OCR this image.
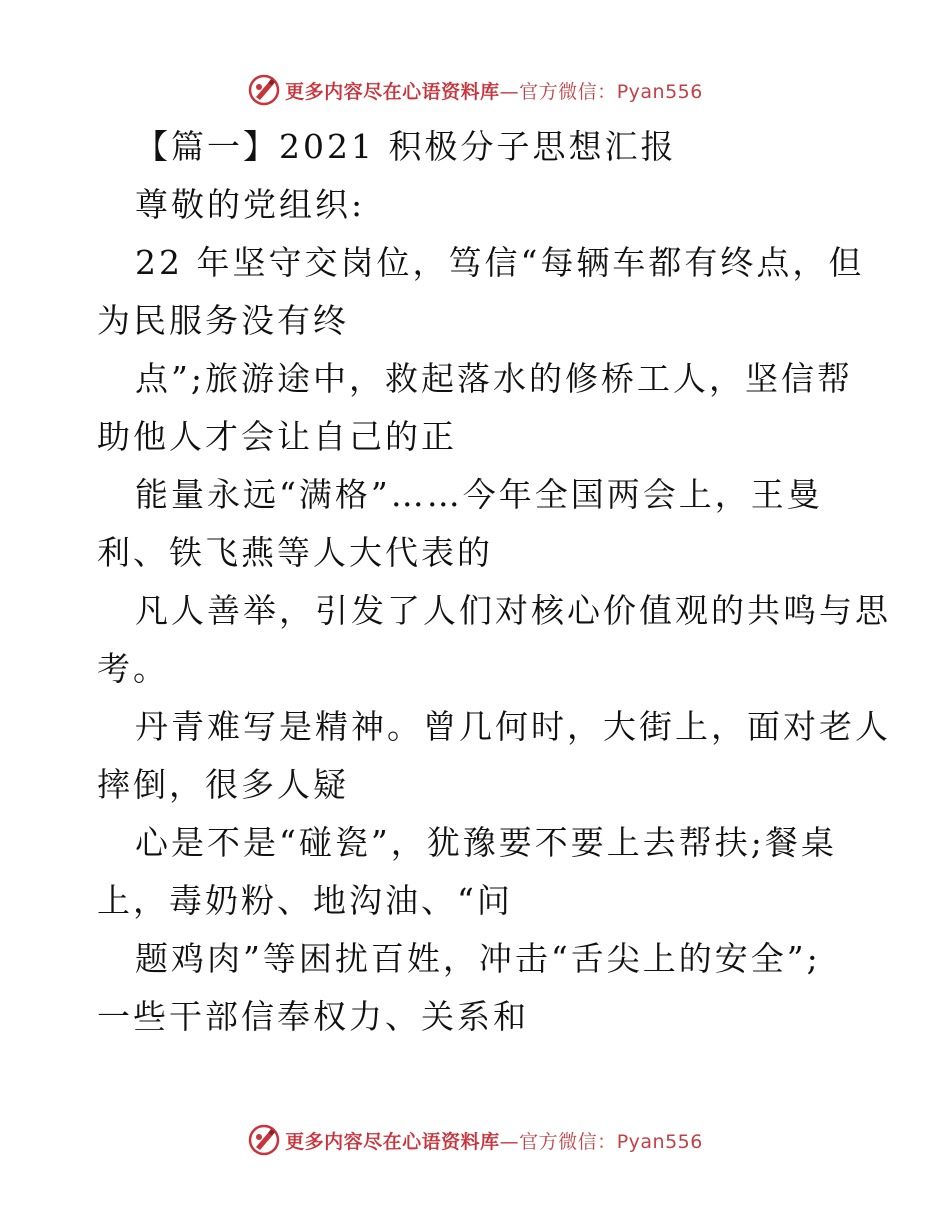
更多内容尽在心语资料库—官方微信：Pyan556
【篇一】2021 积极分子思想汇报
尊敬的党组织:
22 年坚守交岗位，笃信“每辆车都有终点，但
为民服务没有终
点”;旅游途中，救起落水的修桥工人，坚信帮
助他人才会让自己的正
能量永远“满格”……今年全国两会上，王曼
利、铁飞燕等人大代表的
凡人善举，引发了人们对核心价值观的共鸣与思
考。
丹青难写是精神。曾几何时，大街上，面对老人
摔倒，很多人疑
心是不是“碰瓷”，犹豫要不要上去帮扶;餐桌
上，毒奶粉、地沟油、“问
题鸡肉”等困扰百姓，冲击“舌尖上的安全”;
一些干部信奉权力、关系和
更多内容尽在心语资料库—官方微信：Pyan556
